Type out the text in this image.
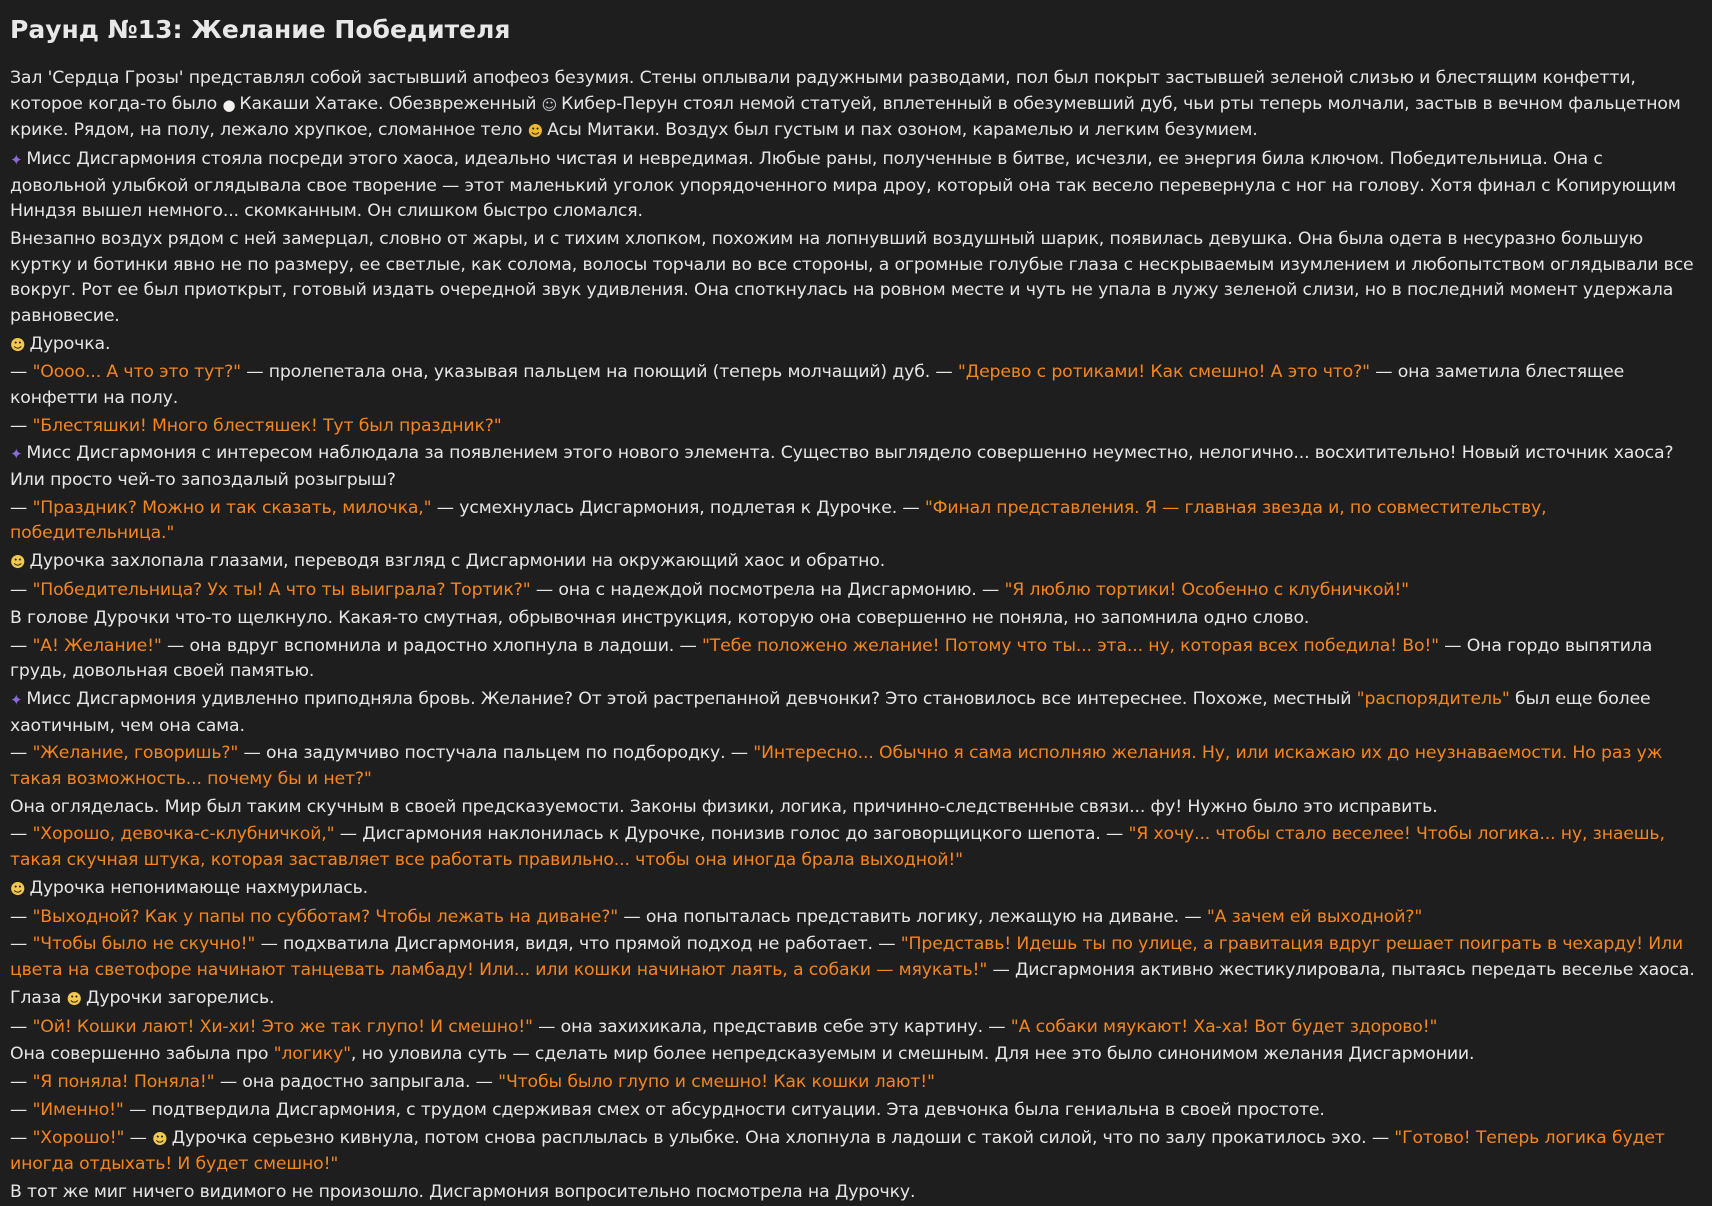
Раунд №13: Желание Победителя
Зал 'Сердца Грозы' представлял собой застывший апофеоз безумия. Стены оплывали радужными разводами, пол был покрыт застывшей зеленой слизью и блестящим конфетти, которое когда-то было ● Какаши Хатаке. Обезвреженный ☺ Кибер-Перун стоял немой статуей, вплетенный в обезумевший дуб, чьи рты теперь молчали, застыв в вечном фальцетном крике. Рядом, на полу, лежало хрупкое, сломанное тело ☻ Асы Митаки. Воздух был густым и пах озоном, карамелью и легким безумием.
✦ Мисс Дисгармония стояла посреди этого хаоса, идеально чистая и невредимая. Любые раны, полученные в битве, исчезли, ее энергия била ключом. Победительница. Она с довольной улыбкой оглядывала свое творение — этот маленький уголок упорядоченного мира дроу, который она так весело перевернула с ног на голову. Хотя финал с Копирующим Ниндзя вышел немного... скомканным. Он слишком быстро сломался.
Внезапно воздух рядом с ней замерцал, словно от жары, и с тихим хлопком, похожим на лопнувший воздушный шарик, появилась девушка. Она была одета в несуразно большую куртку и ботинки явно не по размеру, ее светлые, как солома, волосы торчали во все стороны, а огромные голубые глаза с нескрываемым изумлением и любопытством оглядывали все вокруг. Рот ее был приоткрыт, готовый издать очередной звук удивления. Она споткнулась на ровном месте и чуть не упала в лужу зеленой слизи, но в последний момент удержала равновесие.
☻ Дурочка.
— "Оооо... А что это тут?" — пролепетала она, указывая пальцем на поющий (теперь молчащий) дуб. — "Дерево с ротиками! Как смешно! А это что?" — она заметила блестящее конфетти на полу.
— "Блестяшки! Много блестяшек! Тут был праздник?"
✦ Мисс Дисгармония с интересом наблюдала за появлением этого нового элемента. Существо выглядело совершенно неуместно, нелогично... восхитительно! Новый источник хаоса? Или просто чей-то запоздалый розыгрыш?
— "Праздник? Можно и так сказать, милочка," — усмехнулась Дисгармония, подлетая к Дурочке. — "Финал представления. Я — главная звезда и, по совместительству, победительница."
☻ Дурочка захлопала глазами, переводя взгляд с Дисгармонии на окружающий хаос и обратно.
— "Победительница? Ух ты! А что ты выиграла? Тортик?" — она с надеждой посмотрела на Дисгармонию. — "Я люблю тортики! Особенно с клубничкой!"
В голове Дурочки что-то щелкнуло. Какая-то смутная, обрывочная инструкция, которую она совершенно не поняла, но запомнила одно слово.
— "А! Желание!" — она вдруг вспомнила и радостно хлопнула в ладоши. — "Тебе положено желание! Потому что ты... эта... ну, которая всех победила! Во!" — Она гордо выпятила грудь, довольная своей памятью.
✦ Мисс Дисгармония удивленно приподняла бровь. Желание? От этой растрепанной девчонки? Это становилось все интереснее. Похоже, местный "распорядитель" был еще более хаотичным, чем она сама.
— "Желание, говоришь?" — она задумчиво постучала пальцем по подбородку. — "Интересно... Обычно я сама исполняю желания. Ну, или искажаю их до неузнаваемости. Но раз уж такая возможность... почему бы и нет?"
Она огляделась. Мир был таким скучным в своей предсказуемости. Законы физики, логика, причинно-следственные связи... фу! Нужно было это исправить.
— "Хорошо, девочка-с-клубничкой," — Дисгармония наклонилась к Дурочке, понизив голос до заговорщицкого шепота. — "Я хочу... чтобы стало веселее! Чтобы логика... ну, знаешь, такая скучная штука, которая заставляет все работать правильно... чтобы она иногда брала выходной!"
☻ Дурочка непонимающе нахмурилась.
— "Выходной? Как у папы по субботам? Чтобы лежать на диване?" — она попыталась представить логику, лежащую на диване. — "А зачем ей выходной?"
— "Чтобы было не скучно!" — подхватила Дисгармония, видя, что прямой подход не работает. — "Представь! Идешь ты по улице, а гравитация вдруг решает поиграть в чехарду! Или цвета на светофоре начинают танцевать ламбаду! Или... или кошки начинают лаять, а собаки — мяукать!" — Дисгармония активно жестикулировала, пытаясь передать веселье хаоса.
Глаза ☻ Дурочки загорелись.
— "Ой! Кошки лают! Хи-хи! Это же так глупо! И смешно!" — она захихикала, представив себе эту картину. — "А собаки мяукают! Ха-ха! Вот будет здорово!"
Она совершенно забыла про "логику", но уловила суть — сделать мир более непредсказуемым и смешным. Для нее это было синонимом желания Дисгармонии.
— "Я поняла! Поняла!" — она радостно запрыгала. — "Чтобы было глупо и смешно! Как кошки лают!"
— "Именно!" — подтвердила Дисгармония, с трудом сдерживая смех от абсурдности ситуации. Эта девчонка была гениальна в своей простоте.
— "Хорошо!" — ☻ Дурочка серьезно кивнула, потом снова расплылась в улыбке. Она хлопнула в ладоши с такой силой, что по залу прокатилось эхо. — "Готово! Теперь логика будет иногда отдыхать! И будет смешно!"
В тот же миг ничего видимого не произошло. Дисгармония вопросительно посмотрела на Дурочку.
